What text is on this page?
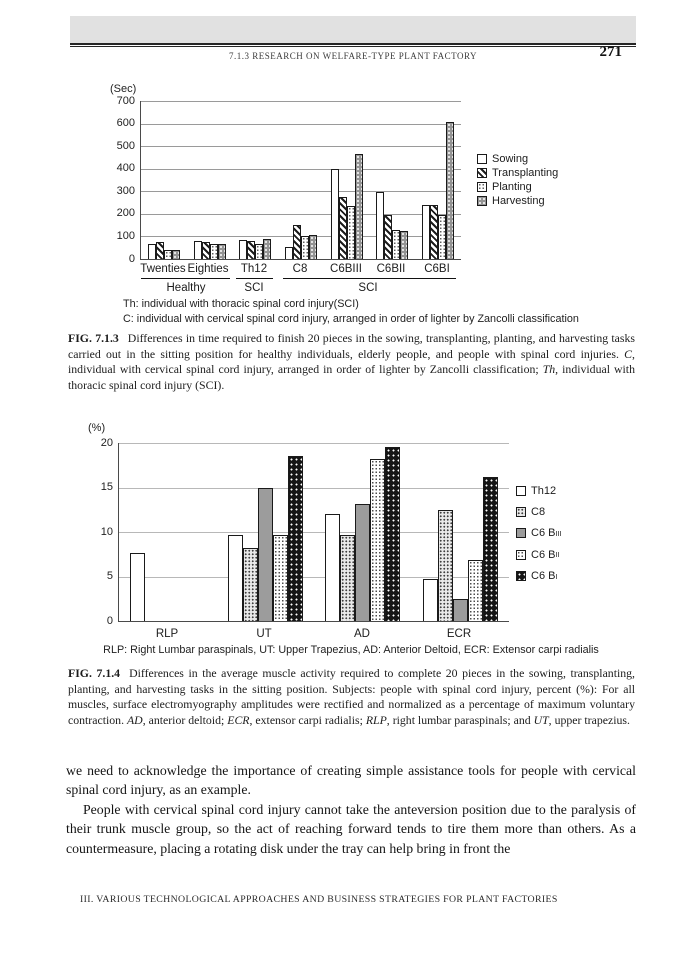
7.1.3 RESEARCH ON WELFARE-TYPE PLANT FACTORY	271
(Sec)
0
100
200
300
400
500
600
700
Sowing
Transplanting
Planting
Harvesting
Twenties Eighties Th12 C8 C6BIII C6BII C6BI
Healthy	SCI	SCI
Th: individual with thoracic spinal cord injury(SCI)
C: individual with cervical spinal cord injury, arranged in order of lighter by Zancolli classification
FIG. 7.1.3 Differences in time required to finish 20 pieces in the sowing, transplanting, planting, and harvesting tasks carried out in the sitting position for healthy individuals, elderly people, and people with spinal cord injuries. C, individual with cervical spinal cord injury, arranged in order of lighter by Zancolli classification; Th, individual with thoracic spinal cord injury (SCI).
(%)
0
5
10
15
20
Th12
C8
C6 B III
C6 B II
C6 B I
RLP	UT	AD	ECR
RLP: Right Lumbar paraspinals, UT: Upper Trapezius, AD: Anterior Deltoid, ECR: Extensor carpi radialis
FIG. 7.1.4 Differences in the average muscle activity required to complete 20 pieces in the sowing, transplanting, planting, and harvesting tasks in the sitting position. Subjects: people with spinal cord injury, percent (%): For all muscles, surface electromyography amplitudes were rectified and normalized as a percentage of maximum voluntary contraction. AD, anterior deltoid; ECR, extensor carpi radialis; RLP, right lumbar paraspinals; and UT, upper trapezius.

we need to acknowledge the importance of creating simple assistance tools for people with cervical spinal cord injury, as an example.

People with cervical spinal cord injury cannot take the anteversion position due to the paralysis of their trunk muscle group, so the act of reaching forward tends to tire them more than others. As a countermeasure, placing a rotating disk under the tray can help bring in front the

III. VARIOUS TECHNOLOGICAL APPROACHES AND BUSINESS STRATEGIES FOR PLANT FACTORIES
